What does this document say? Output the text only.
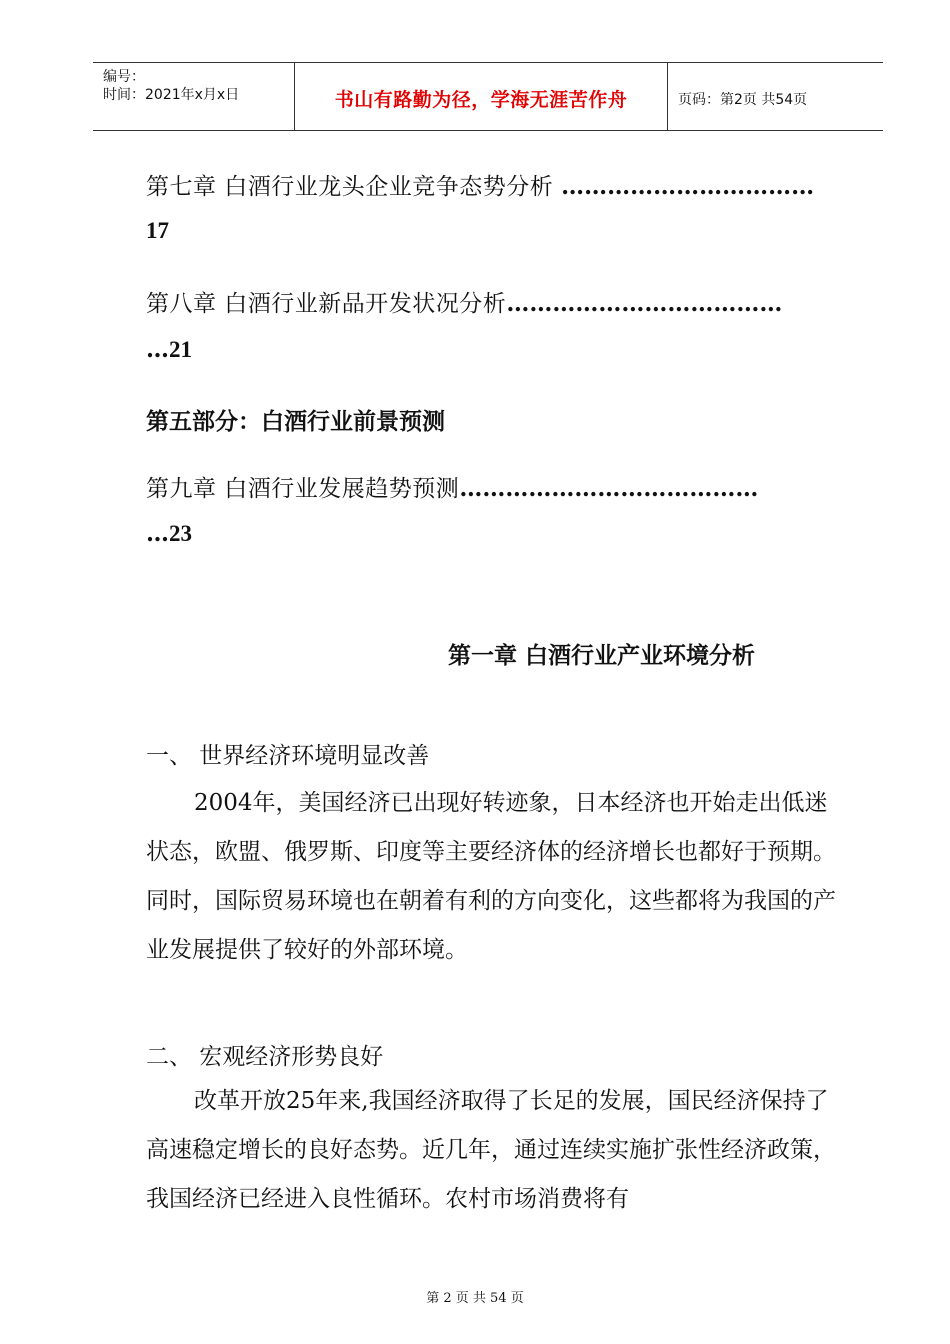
编号：
时间：2021年x月x日	书山有路勤为径，学海无涯苦作舟	页码：第2页 共54页
第七章 白酒行业龙头企业竞争态势分析 ……………………………
17
第八章 白酒行业新品开发状况分析………………………………
…21
第五部分：白酒行业前景预测
第九章 白酒行业发展趋势预测…………………………………
…23
第一章 白酒行业产业环境分析
一、 世界经济环境明显改善
2004年，美国经济已出现好转迹象，日本经济也开始走出低迷状态，欧盟、俄罗斯、印度等主要经济体的经济增长也都好于预期。同时，国际贸易环境也在朝着有利的方向变化，这些都将为我国的产业发展提供了较好的外部环境。
二、 宏观经济形势良好
改革开放25年来,我国经济取得了长足的发展，国民经济保持了高速稳定增长的良好态势。近几年，通过连续实施扩张性经济政策，我国经济已经进入良性循环。农村市场消费将有
第 2 页 共 54 页
